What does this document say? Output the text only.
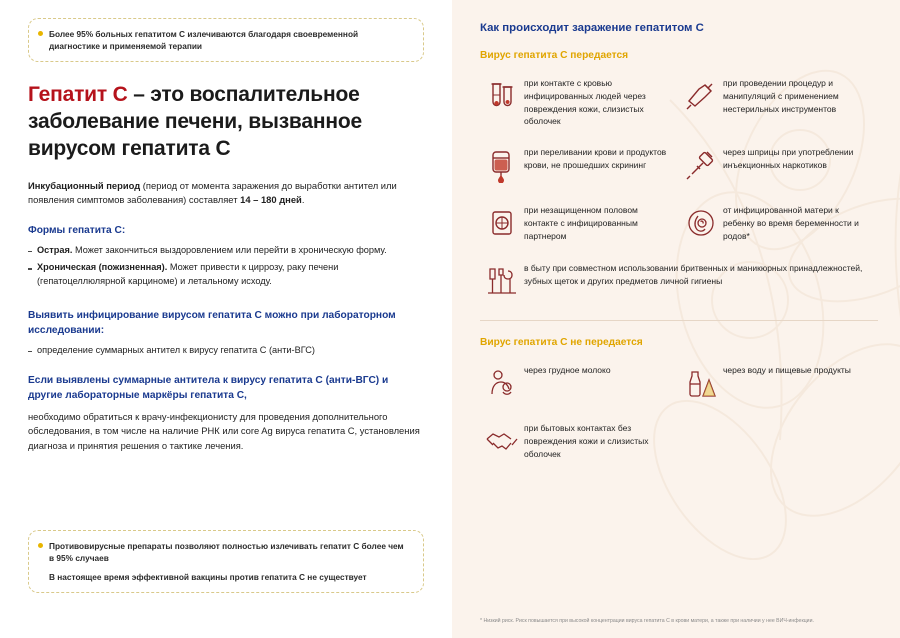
Более 95% больных гепатитом С излечиваются благодаря своевременной диагностике и применяемой терапии

Гепатит С – это воспалительное заболевание печени, вызванное вирусом гепатита С

Инкубационный период (период от момента заражения до выработки антител или появления симптомов заболевания) составляет 14 – 180 дней.

Формы гепатита С:

Острая. Может закончиться выздоровлением или перейти в хроническую форму.
Хроническая (пожизненная). Может привести к циррозу, раку печени (гепатоцеллюлярной карциноме) и летальному исходу.

Выявить инфицирование вирусом гепатита С можно при лабораторном исследовании:

определение суммарных антител к вирусу гепатита С (анти-ВГС)

Если выявлены суммарные антитела к вирусу гепатита С (анти-ВГС) и другие лабораторные маркёры гепатита С,

необходимо обратиться к врачу-инфекционисту для проведения дополнительного обследования, в том числе на наличие РНК или core Ag вируса гепатита С, установления диагноза и принятия решения о тактике лечения.

Противовирусные препараты позволяют полностью излечивать гепатит С более чем в 95% случаев

В настоящее время эффективной вакцины против гепатита С не существует

Как происходит заражение гепатитом С
Вирус гепатита С передается
при контакте с кровью инфицированных людей через повреждения кожи, слизистых оболочек
при проведении процедур и манипуляций с применением нестерильных инструментов
при переливании крови и продуктов крови, не прошедших скрининг
через шприцы при употреблении инъекционных наркотиков
при незащищенном половом контакте с инфицированным партнером
от инфицированной матери к ребенку во время беременности и родов*
в быту при совместном использовании бритвенных и маникюрных принадлежностей, зубных щеток и других предметов личной гигиены
Вирус гепатита С не передается
через грудное молоко	через воду и пищевые продукты
при бытовых контактах без повреждения кожи и слизистых оболочек
* Низкий риск. Риск повышается при высокой концентрации вируса гепатита С в крови матери, а также при наличии у нее ВИЧ-инфекции.
